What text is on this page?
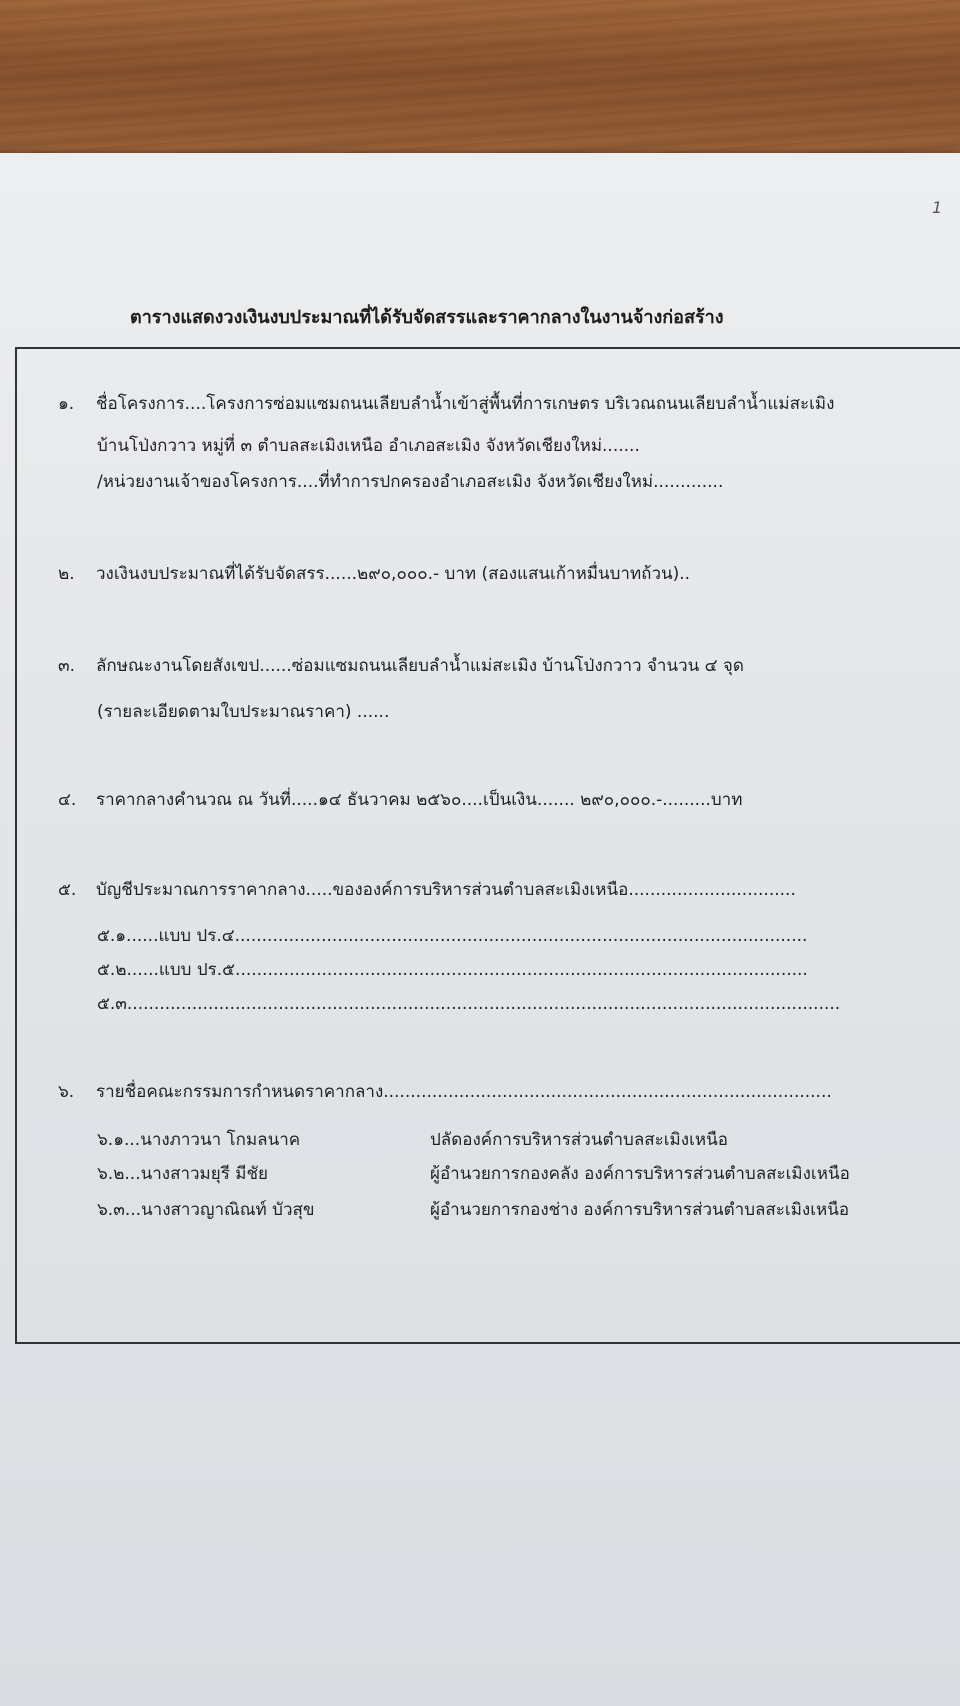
1
ตารางแสดงวงเงินงบประมาณที่ได้รับจัดสรรและราคากลางในงานจ้างก่อสร้าง
๑. ชื่อโครงการ....โครงการซ่อมแซมถนนเลียบลำน้ำเข้าสู่พื้นที่การเกษตร บริเวณถนนเลียบลำน้ำแม่สะเมิง
บ้านโป่งกวาว หมู่ที่ ๓ ตำบลสะเมิงเหนือ อำเภอสะเมิง จังหวัดเชียงใหม่.......
/หน่วยงานเจ้าของโครงการ....ที่ทำการปกครองอำเภอสะเมิง จังหวัดเชียงใหม่.............
๒. วงเงินงบประมาณที่ได้รับจัดสรร......๒๙๐,๐๐๐.- บาท (สองแสนเก้าหมื่นบาทถ้วน)..
๓. ลักษณะงานโดยสังเขป......ซ่อมแซมถนนเลียบลำน้ำแม่สะเมิง บ้านโป่งกวาว จำนวน ๔ จุด
(รายละเอียดตามใบประมาณราคา) ......
๔. ราคากลางคำนวณ ณ วันที่.....๑๔ ธันวาคม ๒๕๖๐....เป็นเงิน....... ๒๙๐,๐๐๐.-.........บาท
๕. บัญชีประมาณการราคากลาง.....ขององค์การบริหารส่วนตำบลสะเมิงเหนือ...............................
๕.๑......แบบ ปร.๔..........................................................................................................
๕.๒......แบบ ปร.๕..........................................................................................................
๕.๓....................................................................................................................................
๖. รายชื่อคณะกรรมการกำหนดราคากลาง...................................................................................
๖.๑...นางภาวนา โกมลนาค	ปลัดองค์การบริหารส่วนตำบลสะเมิงเหนือ
๖.๒...นางสาวมยุรี มีชัย	ผู้อำนวยการกองคลัง องค์การบริหารส่วนตำบลสะเมิงเหนือ
๖.๓...นางสาวญาณิณท์ บัวสุข	ผู้อำนวยการกองช่าง องค์การบริหารส่วนตำบลสะเมิงเหนือ
